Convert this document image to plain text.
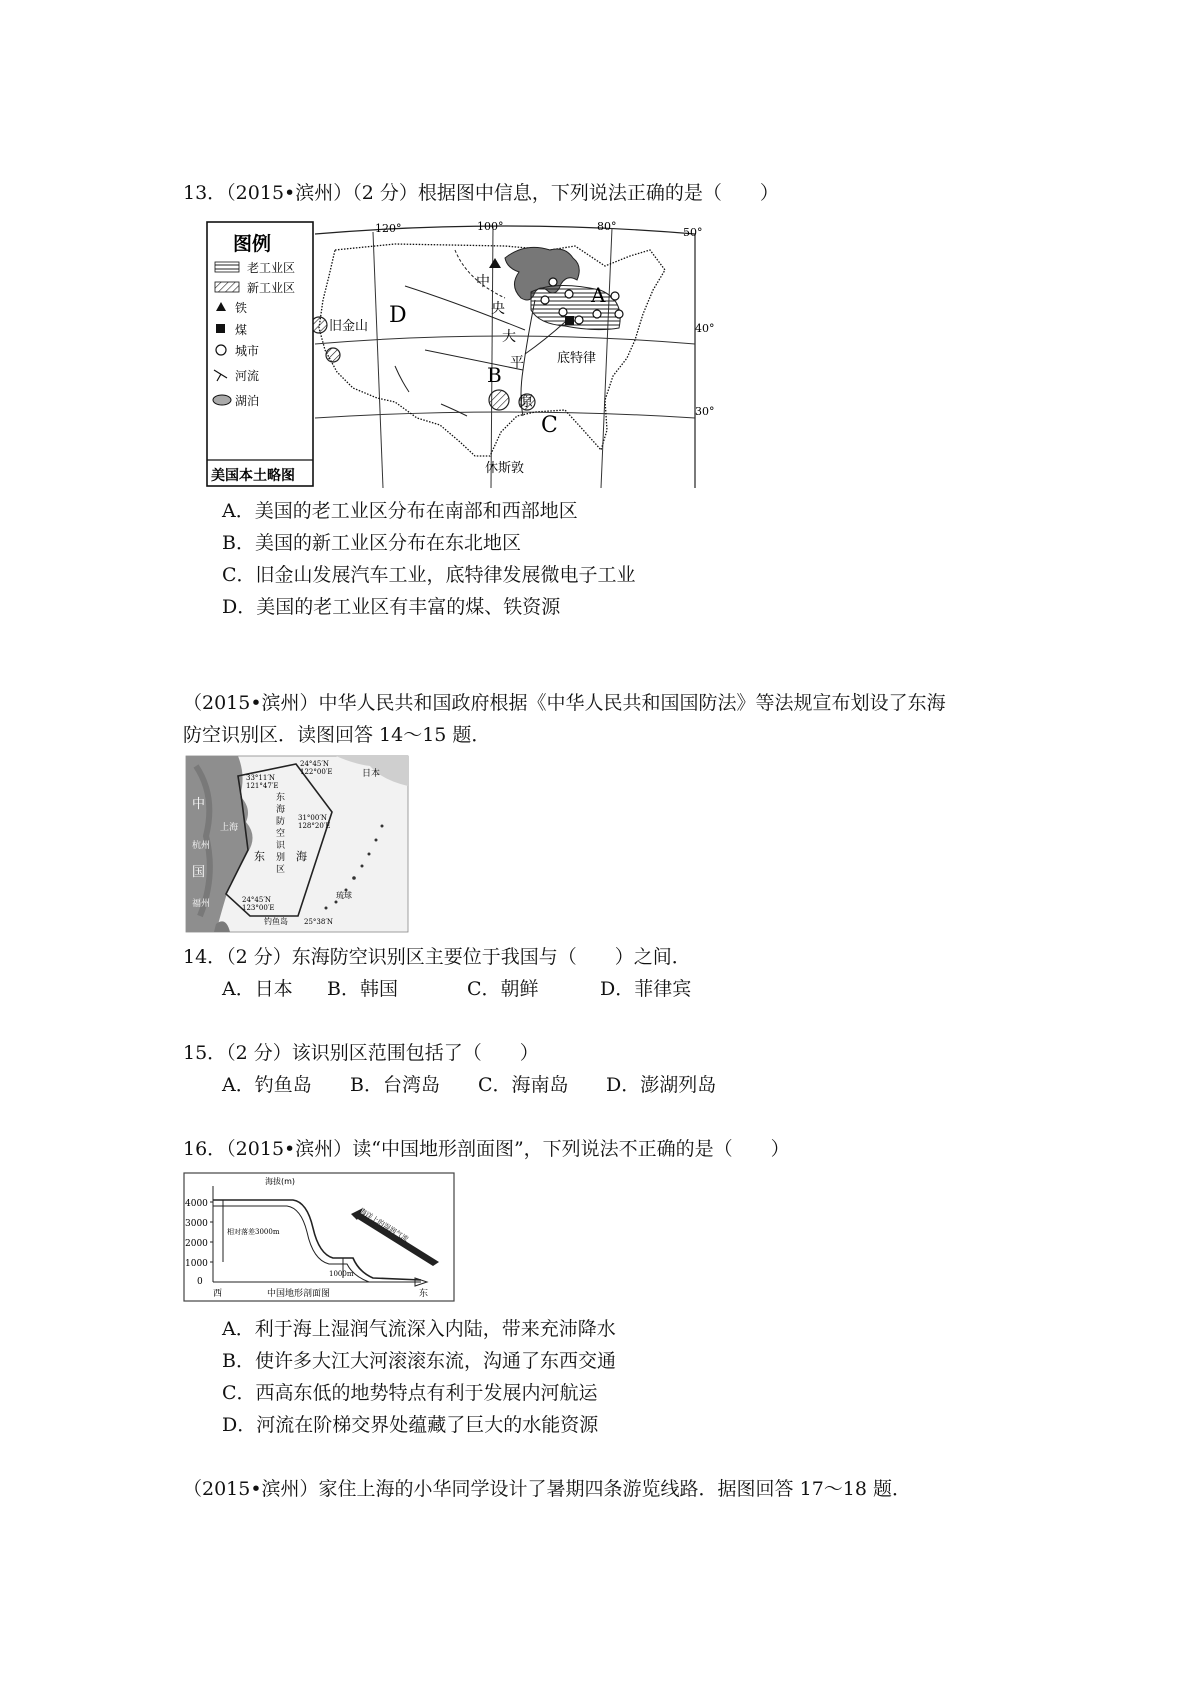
13．（2015•滨州）（2 分）根据图中信息，下列说法正确的是（　　）
图例
老工业区
新工业区
铁
煤
城市
河流
湖泊
美国本土略图
120°	100°	80°	50°
40°
30°
A
B
C
D
中
央
大
平
原
旧金山
底特律
休斯敦
A．美国的老工业区分布在南部和西部地区
B．美国的新工业区分布在东北地区
C．旧金山发展汽车工业，底特律发展微电子工业
D．美国的老工业区有丰富的煤、铁资源
（2015•滨州）中华人民共和国政府根据《中华人民共和国国防法》等法规宣布划设了东海
防空识别区．读图回答 14～15 题．
中
国
上海
杭州
福州
日本
33°11′N
121°47′E
24°45′N
122°00′E
31°00′N
128°20′E
24°45′N
123°00′E
25°38′N
东 海 防 空 识 别 区
东	海
钓鱼岛
琉球
14．（2 分）东海防空识别区主要位于我国与（　　）之间．
A．日本 B．韩国	C．朝鲜	D．菲律宾
15．（2 分）该识别区范围包括了（　　）
A．钓鱼岛 B．台湾岛 C．海南岛 D．澎湖列岛
16．（2015•滨州）读“中国地形剖面图”，下列说法不正确的是（　　）
4000
3000
2000
1000
0
海拔(m)
相对落差3000m
1000m
海洋上的湿润气流
西	东
中国地形剖面图
A．利于海上湿润气流深入内陆，带来充沛降水
B．使许多大江大河滚滚东流，沟通了东西交通
C．西高东低的地势特点有利于发展内河航运
D．河流在阶梯交界处蕴藏了巨大的水能资源
（2015•滨州）家住上海的小华同学设计了暑期四条游览线路．据图回答 17～18 题．
